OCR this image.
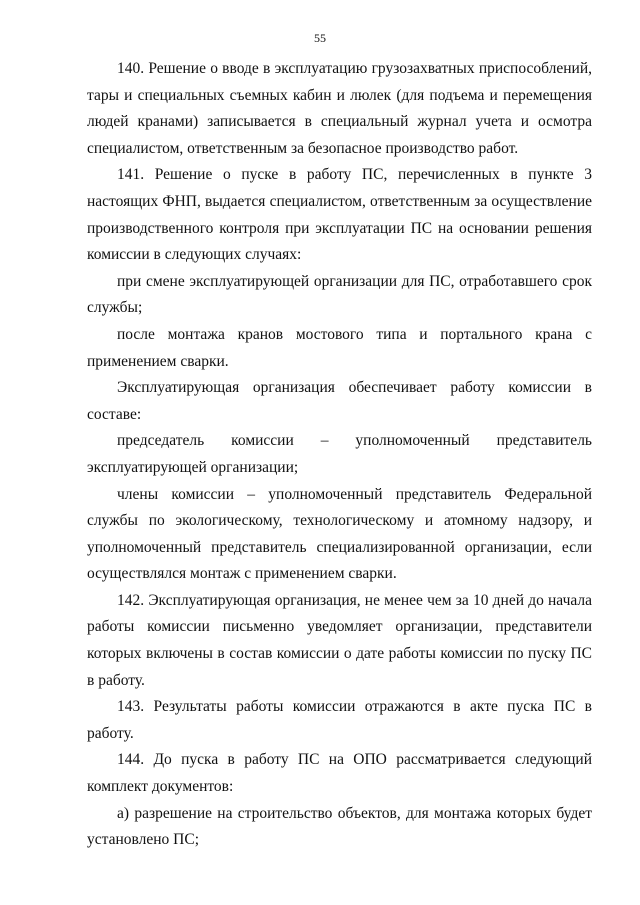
55

140. Решение о вводе в эксплуатацию грузозахватных приспособлений, тары и специальных съемных кабин и люлек (для подъема и перемещения людей кранами) записывается в специальный журнал учета и осмотра специалистом, ответственным за безопасное производство работ.

141. Решение о пуске в работу ПС, перечисленных в пункте 3 настоящих ФНП, выдается специалистом, ответственным за осуществление производственного контроля при эксплуатации ПС на основании решения комиссии в следующих случаях:

при смене эксплуатирующей организации для ПС, отработавшего срок службы;

после монтажа кранов мостового типа и портального крана с применением сварки.

Эксплуатирующая организация обеспечивает работу комиссии в составе:

председатель комиссии – уполномоченный представитель эксплуатирующей организации;

члены комиссии – уполномоченный представитель Федеральной службы по экологическому, технологическому и атомному надзору, и уполномоченный представитель специализированной организации, если осуществлялся монтаж с применением сварки.

142. Эксплуатирующая организация, не менее чем за 10 дней до начала работы комиссии письменно уведомляет организации, представители которых включены в состав комиссии о дате работы комиссии по пуску ПС в работу.

143. Результаты работы комиссии отражаются в акте пуска ПС в работу.

144. До пуска в работу ПС на ОПО рассматривается следующий комплект документов:

а) разрешение на строительство объектов, для монтажа которых будет установлено ПС;
